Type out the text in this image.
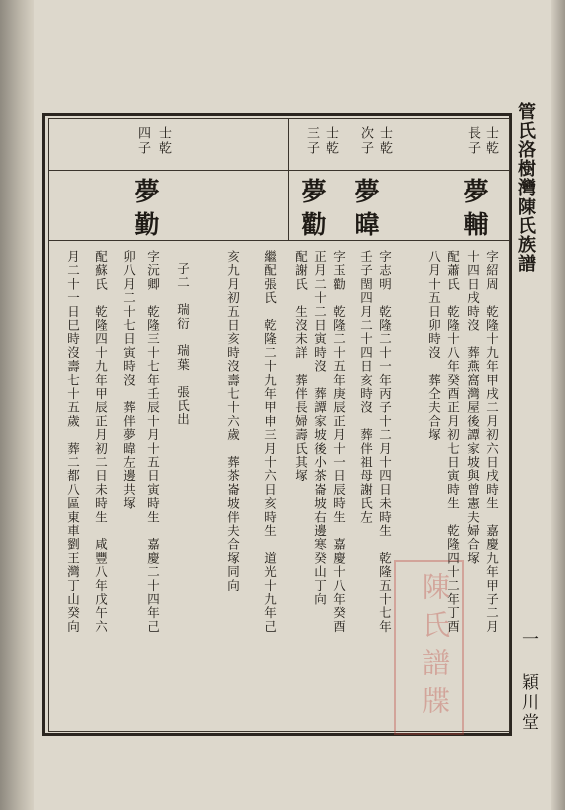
管氏洛樹灣陳氏族譜
一 穎川堂
陳氏譜牒
士乾
長子
夢輔
字紹周　乾隆十九年甲戌二月初六日戌時生　嘉慶九年甲子二月
十四日戌時沒　葬燕窩灣屋後譚家坡與曾憲夫婦合塚
配蕭氏　乾隆十八年癸酉正月初七日寅時生　乾隆四十二年丁酉
八月十五日卯時沒　葬仝夫合塚
士乾
次子
夢暐
字志明　乾隆二十一年丙子十二月十四日未時生　乾隆五十七年
壬子閏四月二十四日亥時沒　葬伴祖母謝氏左
士乾
三子
夢勸
字玉勸　乾隆二十五年庚辰正月十一日辰時生　嘉慶十八年癸酉
正月二十二日寅時沒　葬譚家坡後小茶崙坡右邊寒癸山丁向
配謝氏　生沒未詳　葬伴長婦壽氏其塚
繼配張氏　乾隆二十九年甲申三月十六日亥時生　道光十九年己
亥九月初五日亥時沒壽七十六歲　葬茶崙坡伴夫合塚同向
子二　瑞衍　瑞葉　張氏出
士乾
四子
夢勤
字沅卿　乾隆三十七年壬辰十月十五日寅時生　嘉慶二十四年己
卯八月二十七日寅時沒　葬伴夢暐左邊共塚
配蘇氏　乾隆四十九年甲辰正月初二日未時生　咸豐八年戊午六
月二十一日巳時沒壽七十五歲　葬二都八區東車劉王灣丁山癸向
